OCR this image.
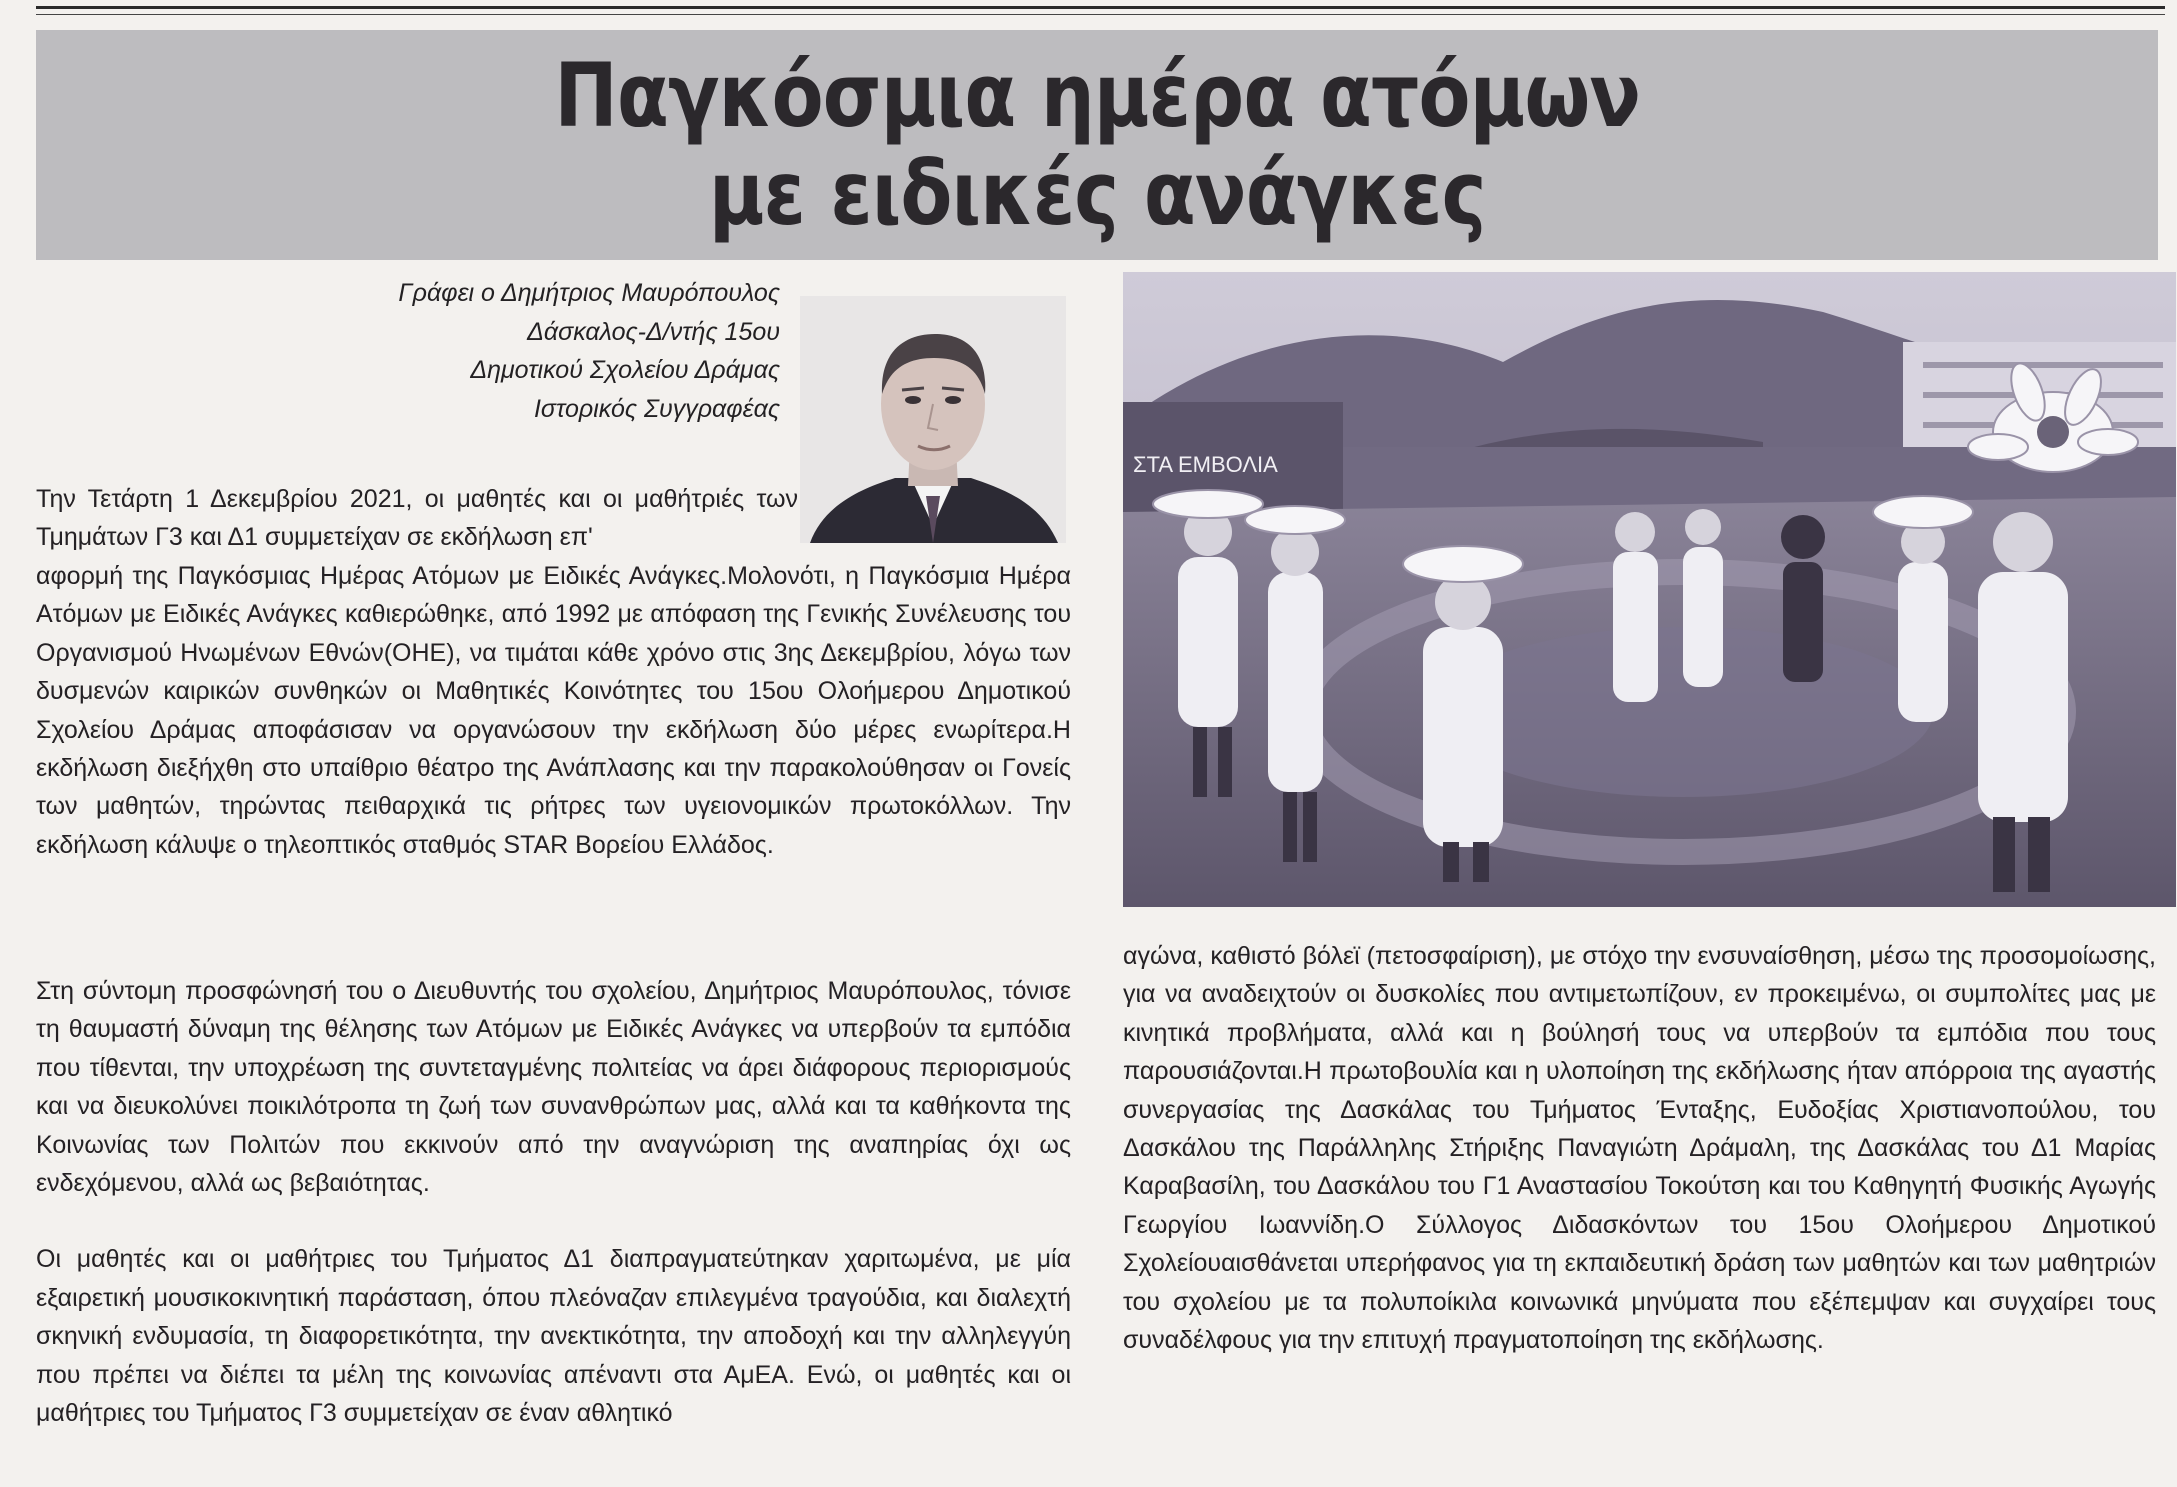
Παγκόσμια ημέρα ατόμων
με ειδικές ανάγκες
Γράφει ο Δημήτριος Μαυρόπουλος
Δάσκαλος-Δ/ντής 15ου
Δημοτικού Σχολείου Δράμας
Ιστορικός Συγγραφέας

Την Τετάρτη 1 Δεκεμβρίου 2021, οι μαθητές και οι μαθήτριές των Τμημάτων Γ3 και Δ1 συμμετείχαν σε εκδήλωση επ'

αφορμή της Παγκόσμιας Ημέρας Ατόμων με Ειδικές Ανάγκες.Μολονότι, η Παγκόσμια Ημέρα Ατόμων με Ειδικές Ανάγκες καθιερώθηκε, από 1992 με απόφαση της Γενικής Συνέλευσης του Οργανισμού Ηνωμένων Εθνών(ΟΗΕ), να τιμάται κάθε χρόνο στις 3ης Δεκεμβρίου, λόγω των δυσμενών καιρικών συνθηκών οι Μαθητικές Κοινότητες του 15ου Ολοήμερου Δημοτικού Σχολείου Δράμας αποφάσισαν να οργανώσουν την εκδήλωση δύο μέρες ενωρίτερα.Η εκδήλωση διεξήχθη στο υπαίθριο θέατρο της Ανάπλασης και την παρακολούθησαν οι Γονείς των μαθητών, τηρώντας πειθαρχικά τις ρήτρες των υγειονομικών πρωτοκόλλων. Την εκδήλωση κάλυψε ο τηλεοπτικός σταθμός STAR Βορείου Ελλάδος.

Στη σύντομη προσφώνησή του ο Διευθυντής του σχολείου, Δημήτριος Μαυρόπουλος, τόνισε τη θαυμαστή δύναμη της θέλησης των Ατόμων με Ειδικές Ανάγκες να υπερβούν τα εμπόδια που τίθενται, την υποχρέωση της συντεταγμένης πολιτείας να άρει διάφορους περιορισμούς και να διευκολύνει ποικιλότροπα τη ζωή των συνανθρώπων μας, αλλά και τα καθήκοντα της Κοινωνίας των Πολιτών που εκκινούν από την αναγνώριση της αναπηρίας όχι ως ενδεχόμενου, αλλά ως βεβαιότητας.

Οι μαθητές και οι μαθήτριες του Τμήματος Δ1 διαπραγματεύτηκαν χαριτωμένα, με μία εξαιρετική μουσικοκινητική παράσταση, όπου πλεόναζαν επιλεγμένα τραγούδια, και διαλεχτή σκηνική ενδυμασία, τη διαφορετικότητα, την ανεκτικότητα, την αποδοχή και την αλληλεγγύη που πρέπει να διέπει τα μέλη της κοινωνίας απέναντι στα ΑμΕΑ. Ενώ, οι μαθητές και οι μαθήτριες του Τμήματος Γ3 συμμετείχαν σε έναν αθλητικό

ΣΤΑ ΕΜΒΟΛΙΑ

αγώνα, καθιστό βόλεϊ (πετοσφαίριση), με στόχο την ενσυναίσθηση, μέσω της προσομοίωσης, για να αναδειχτούν οι δυσκολίες που αντιμετωπίζουν, εν προκειμένω, οι συμπολίτες μας με κινητικά προβλήματα, αλλά και η βούλησή τους να υπερβούν τα εμπόδια που τους παρουσιάζονται.Η πρωτοβουλία και η υλοποίηση της εκδήλωσης ήταν απόρροια της αγαστής συνεργασίας της Δασκάλας του Τμήματος Ένταξης, Ευδοξίας Χριστιανοπούλου, του Δασκάλου της Παράλληλης Στήριξης Παναγιώτη Δράμαλη, της Δασκάλας του Δ1 Μαρίας Καραβασίλη, του Δασκάλου του Γ1 Αναστασίου Τοκούτση και του Καθηγητή Φυσικής Αγωγής Γεωργίου Ιωαννίδη.Ο Σύλλογος Διδασκόντων του 15ου Ολοήμερου Δημοτικού Σχολείουαισθάνεται υπερήφανος για τη εκπαιδευτική δράση των μαθητών και των μαθητριών του σχολείου με τα πολυποίκιλα κοινωνικά μηνύματα που εξέπεμψαν και συγχαίρει τους συναδέλφους για την επιτυχή πραγματοποίηση της εκδήλωσης.
